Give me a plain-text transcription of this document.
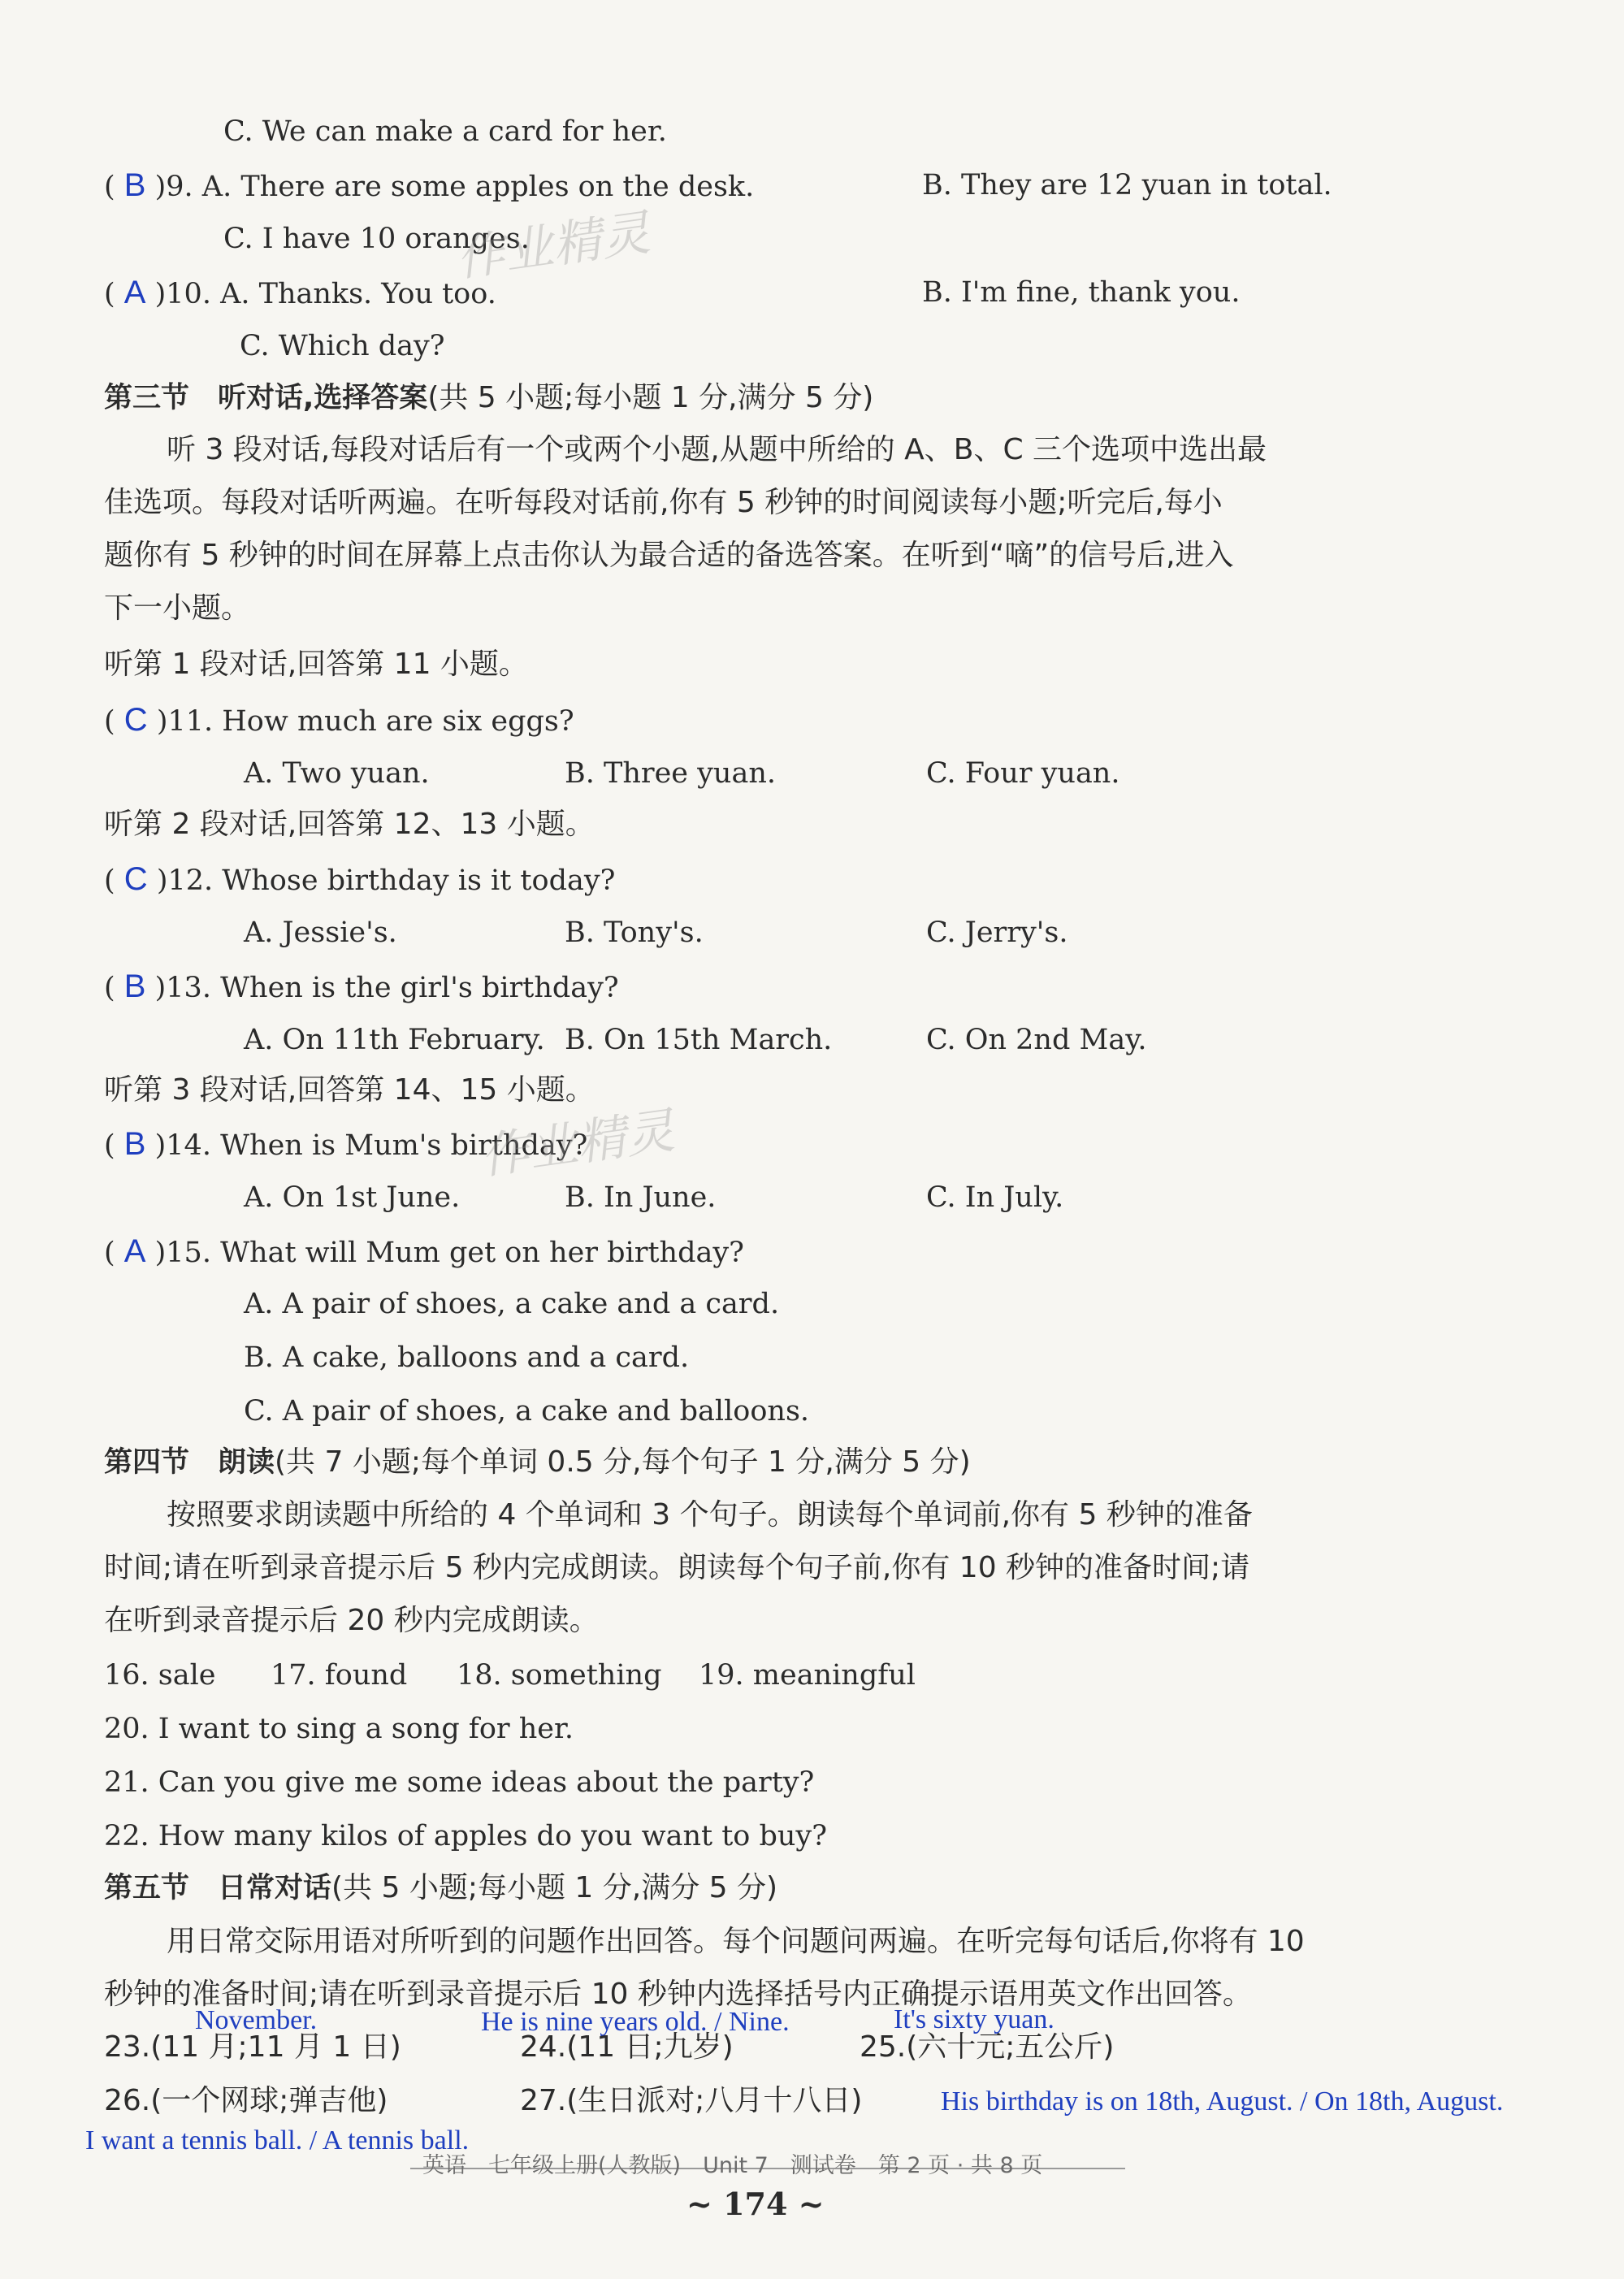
C. We can make a card for her.
( B )9. A. There are some apples on the desk.	B. They are 12 yuan in total.
C. I have 10 oranges.
( A )10. A. Thanks. You too.	B. I'm fine, thank you.
C. Which day?
作业精灵
第三节　听对话,选择答案(共 5 小题;每小题 1 分,满分 5 分)
听 3 段对话,每段对话后有一个或两个小题,从题中所给的 A、B、C 三个选项中选出最
佳选项。每段对话听两遍。在听每段对话前,你有 5 秒钟的时间阅读每小题;听完后,每小
题你有 5 秒钟的时间在屏幕上点击你认为最合适的备选答案。在听到“嘀”的信号后,进入
下一小题。
听第 1 段对话,回答第 11 小题。
( C )11. How much are six eggs?
A. Two yuan.	B. Three yuan.	C. Four yuan.
听第 2 段对话,回答第 12、13 小题。
( C )12. Whose birthday is it today?
A. Jessie's.	B. Tony's.	C. Jerry's.
( B )13. When is the girl's birthday?
A. On 11th February. B. On 15th March.	C. On 2nd May.
听第 3 段对话,回答第 14、15 小题。
( B )14. When is Mum's birthday?
作业精灵
A. On 1st June.	B. In June.	C. In July.
( A )15. What will Mum get on her birthday?
A. A pair of shoes, a cake and a card.
B. A cake, balloons and a card.
C. A pair of shoes, a cake and balloons.
第四节　朗读(共 7 小题;每个单词 0.5 分,每个句子 1 分,满分 5 分)
按照要求朗读题中所给的 4 个单词和 3 个句子。朗读每个单词前,你有 5 秒钟的准备
时间;请在听到录音提示后 5 秒内完成朗读。朗读每个句子前,你有 10 秒钟的准备时间;请
在听到录音提示后 20 秒内完成朗读。
16. sale 17. found 18. something 19. meaningful
20. I want to sing a song for her.
21. Can you give me some ideas about the party?
22. How many kilos of apples do you want to buy?
第五节　日常对话(共 5 小题;每小题 1 分,满分 5 分)
用日常交际用语对所听到的问题作出回答。每个问题问两遍。在听完每句话后,你将有 10
秒钟的准备时间;请在听到录音提示后 10 秒钟内选择括号内正确提示语用英文作出回答。
November.	He is nine years old. / Nine.	It's sixty yuan.
23.(11 月;11 月 1 日)	24.(11 日;九岁)	25.(六十元;五公斤)
26.(一个网球;弹吉他)	27.(生日派对;八月十八日)	His birthday is on 18th, August. / On 18th, August.
I want a tennis ball. / A tennis ball.
英语　七年级上册(人教版)　Unit 7　测试卷　第 2 页 · 共 8 页
~ 174 ~
